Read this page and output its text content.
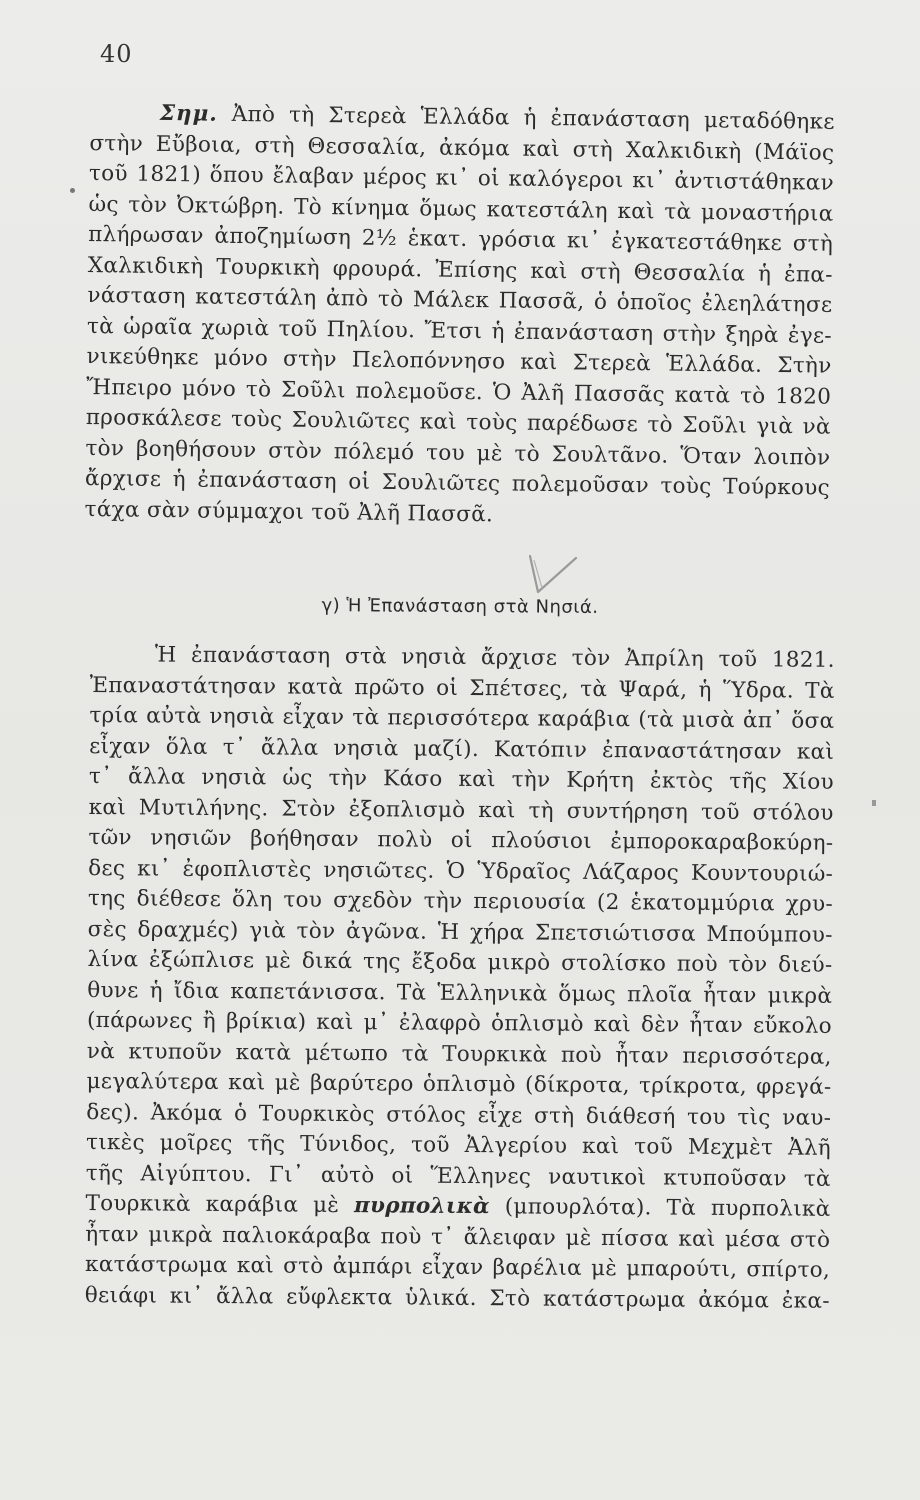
40
Σημ. Ἀπὸ τὴ Στερεὰ Ἑλλάδα ἡ ἐπανάσταση μεταδόθηκε
στὴν Εὔβοια, στὴ Θεσσαλία, ἀκόμα καὶ στὴ Χαλκιδικὴ (Μάϊος
τοῦ 1821) ὅπου ἔλαβαν μέρος κι᾽ οἱ καλόγεροι κι᾽ ἀντιστάθηκαν
ὡς τὸν Ὀκτώβρη. Τὸ κίνημα ὅμως κατεστάλη καὶ τὰ μοναστήρια
πλήρωσαν ἀποζημίωση 2½ ἑκατ. γρόσια κι᾽ ἐγκατεστάθηκε στὴ
Χαλκιδικὴ Τουρκικὴ φρουρά. Ἐπίσης καὶ στὴ Θεσσαλία ἡ ἐπα-
νάσταση κατεστάλη ἀπὸ τὸ Μάλεκ Πασσᾶ, ὁ ὁποῖος ἐλεηλάτησε
τὰ ὡραῖα χωριὰ τοῦ Πηλίου. Ἔτσι ἡ ἐπανάσταση στὴν ξηρὰ ἐγε-
νικεύθηκε μόνο στὴν Πελοπόννησο καὶ Στερεὰ Ἑλλάδα. Στὴν
Ἤπειρο μόνο τὸ Σοῦλι πολεμοῦσε. Ὁ Ἀλῆ Πασσᾶς κατὰ τὸ 1820
προσκάλεσε τοὺς Σουλιῶτες καὶ τοὺς παρέδωσε τὸ Σοῦλι γιὰ νὰ
τὸν βοηθήσουν στὸν πόλεμό του μὲ τὸ Σουλτᾶνο. Ὅταν λοιπὸν
ἄρχισε ἡ ἐπανάσταση οἱ Σουλιῶτες πολεμοῦσαν τοὺς Τούρκους
τάχα σὰν σύμμαχοι τοῦ Ἀλῆ Πασσᾶ.
γ) Ἡ Ἐπανάσταση στὰ Νησιά.
Ἡ ἐπανάσταση στὰ νησιὰ ἄρχισε τὸν Ἀπρίλη τοῦ 1821.
Ἐπαναστάτησαν κατὰ πρῶτο οἱ Σπέτσες, τὰ Ψαρά, ἡ Ὕδρα. Τὰ
τρία αὐτὰ νησιὰ εἶχαν τὰ περισσότερα καράβια (τὰ μισὰ ἀπ᾽ ὅσα
εἶχαν ὅλα τ᾽ ἄλλα νησιὰ μαζί). Κατόπιν ἐπαναστάτησαν καὶ
τ᾽ ἄλλα νησιὰ ὡς τὴν Κάσο καὶ τὴν Κρήτη ἐκτὸς τῆς Χίου
καὶ Μυτιλήνης. Στὸν ἐξοπλισμὸ καὶ τὴ συντήρηση τοῦ στόλου
τῶν νησιῶν βοήθησαν πολὺ οἱ πλούσιοι ἐμποροκαραβοκύρη-
δες κι᾽ ἐφοπλιστὲς νησιῶτες. Ὁ Ὑδραῖος Λάζαρος Κουντουριώ-
της διέθεσε ὅλη του σχεδὸν τὴν περιουσία (2 ἑκατομμύρια χρυ-
σὲς δραχμές) γιὰ τὸν ἀγῶνα. Ἡ χήρα Σπετσιώτισσα Μπούμπου-
λίνα ἐξώπλισε μὲ δικά της ἔξοδα μικρὸ στολίσκο ποὺ τὸν διεύ-
θυνε ἡ ἴδια καπετάνισσα. Τὰ Ἑλληνικὰ ὅμως πλοῖα ἦταν μικρὰ
(πάρωνες ἢ βρίκια) καὶ μ᾽ ἐλαφρὸ ὁπλισμὸ καὶ δὲν ἦταν εὔκολο
νὰ κτυποῦν κατὰ μέτωπο τὰ Τουρκικὰ ποὺ ἦταν περισσότερα,
μεγαλύτερα καὶ μὲ βαρύτερο ὁπλισμὸ (δίκροτα, τρίκροτα, φρεγά-
δες). Ἀκόμα ὁ Τουρκικὸς στόλος εἶχε στὴ διάθεσή του τὶς ναυ-
τικὲς μοῖρες τῆς Τύνιδος, τοῦ Ἀλγερίου καὶ τοῦ Μεχμὲτ Ἀλῆ
τῆς Αἰγύπτου. Γι᾽ αὐτὸ οἱ Ἕλληνες ναυτικοὶ κτυποῦσαν τὰ
Τουρκικὰ καράβια μὲ πυρπολικὰ (μπουρλότα). Τὰ πυρπολικὰ
ἦταν μικρὰ παλιοκάραβα ποὺ τ᾽ ἄλειφαν μὲ πίσσα καὶ μέσα στὸ
κατάστρωμα καὶ στὸ ἀμπάρι εἶχαν βαρέλια μὲ μπαρούτι, σπίρτο,
θειάφι κι᾽ ἄλλα εὔφλεκτα ὑλικά. Στὸ κατάστρωμα ἀκόμα ἐκα-
